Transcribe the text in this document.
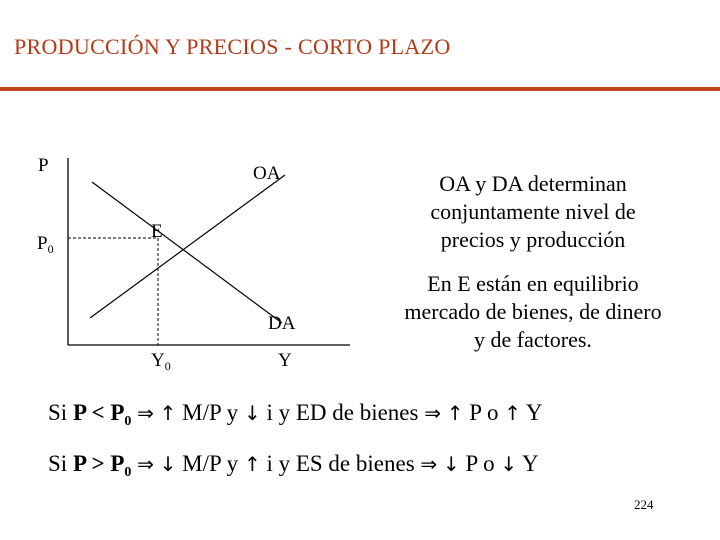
PRODUCCIÓN Y PRECIOS - CORTO PLAZO
P
$P_0$
$Y_0$	Y
OA
DA
E
OA y DA determinan conjuntamente nivel de precios y producción
En E están en equilibrio mercado de bienes, de dinero y de factores.
Si $P < P_0$ ⇒ ↑ M/P y ↓ i y ED de bienes ⇒ ↑ P o ↑ Y
Si $P > P_0$ ⇒ ↓ M/P y ↑ i y ES de bienes ⇒ ↓ P o ↓ Y
224
